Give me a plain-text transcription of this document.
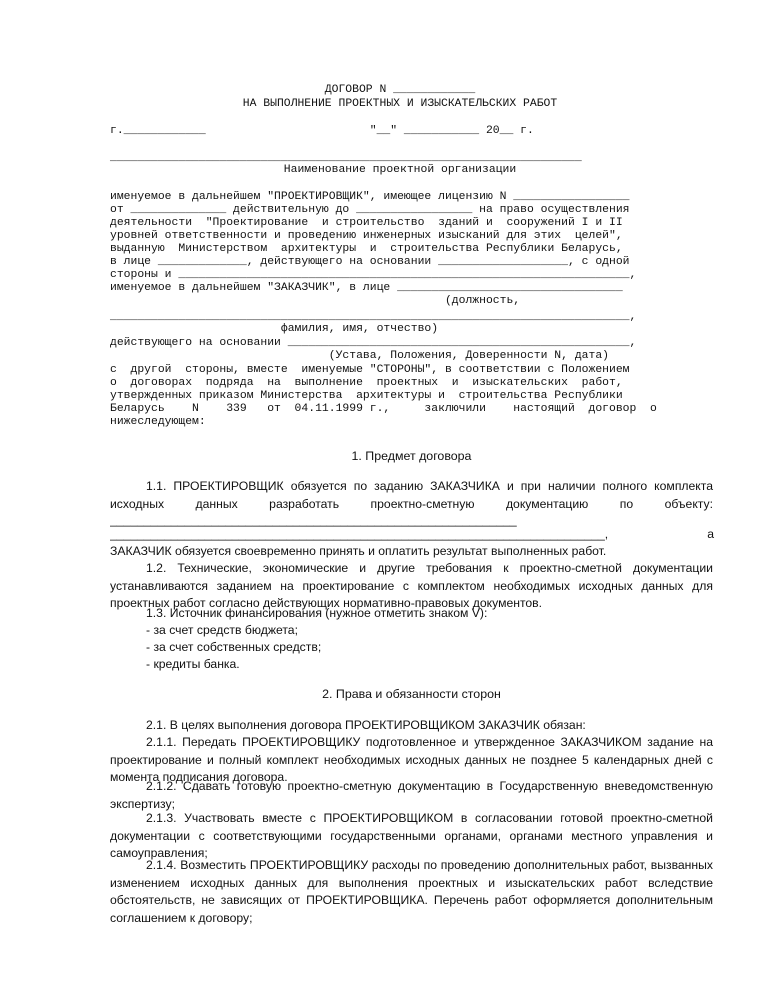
ДОГОВОР N ____________
НА ВЫПОЛНЕНИЕ ПРОЕКТНЫХ И ИЗЫСКАТЕЛЬСКИХ РАБОТ
г.____________                        "__" ___________ 20__ г.
_____________________________________________________________________
Наименование проектной организации
именуемое в дальнейшем "ПРОЕКТИРОВЩИК", имеющее лицензию N _________________
от ______________ действительную до _________________ на право осуществления
деятельности  "Проектирование  и строительство  зданий и  сооружений I и II
уровней ответственности и проведению инженерных изысканий для этих  целей",
выданную  Министерством  архитектуры  и  строительства Республики Беларусь,
в лице _____________, действующего на основании ___________________, с одной
стороны и __________________________________________________________________,
именуемое в дальнейшем "ЗАКАЗЧИК", в лице _________________________________
(должность,
____________________________________________________________________________,
фамилия, имя, отчество)
действующего на основании __________________________________________________,
(Устава, Положения, Доверенности N, дата)
с  другой  стороны, вместе  именуемые "СТОРОНЫ", в соответствии с Положением
о  договорах  подряда  на  выполнение  проектных  и  изыскательских  работ,
утвержденных приказом Министерства  архитектуры и  строительства Республики
Беларусь    N    339   от  04.11.1999 г.,     заключили    настоящий  договор  о
нижеследующем:
1. Предмет договора
1.1. ПРОЕКТИРОВЩИК обязуется по заданию ЗАКАЗЧИКА и при наличии полного комплекта исходных данных разработать проектно-сметную документацию по объекту:
____________________________________________________________
_________________________________________________________________________,	а
ЗАКАЗЧИК обязуется своевременно принять и оплатить результат выполненных работ.
1.2. Технические, экономические и другие требования к проектно-сметной документации устанавливаются заданием на проектирование с комплектом необходимых исходных данных для проектных работ согласно действующих нормативно-правовых документов.
1.3. Источник финансирования (нужное отметить знаком V):
- за счет средств бюджета;
- за счет собственных средств;
- кредиты банка.
2. Права и обязанности сторон
2.1. В целях выполнения договора ПРОЕКТИРОВЩИКОМ ЗАКАЗЧИК обязан:
2.1.1. Передать ПРОЕКТИРОВЩИКУ подготовленное и утвержденное ЗАКАЗЧИКОМ задание на проектирование и полный комплект необходимых исходных данных не позднее 5 календарных дней с момента подписания договора.
2.1.2. Сдавать готовую проектно-сметную документацию в Государственную вневедомственную экспертизу;
2.1.3. Участвовать вместе с ПРОЕКТИРОВЩИКОМ в согласовании готовой проектно-сметной документации с соответствующими государственными органами, органами местного управления и самоуправления;
2.1.4. Возместить ПРОЕКТИРОВЩИКУ расходы по проведению дополнительных работ, вызванных изменением исходных данных для выполнения проектных и изыскательских работ вследствие обстоятельств, не зависящих от ПРОЕКТИРОВЩИКА. Перечень работ оформляется дополнительным соглашением к договору;
